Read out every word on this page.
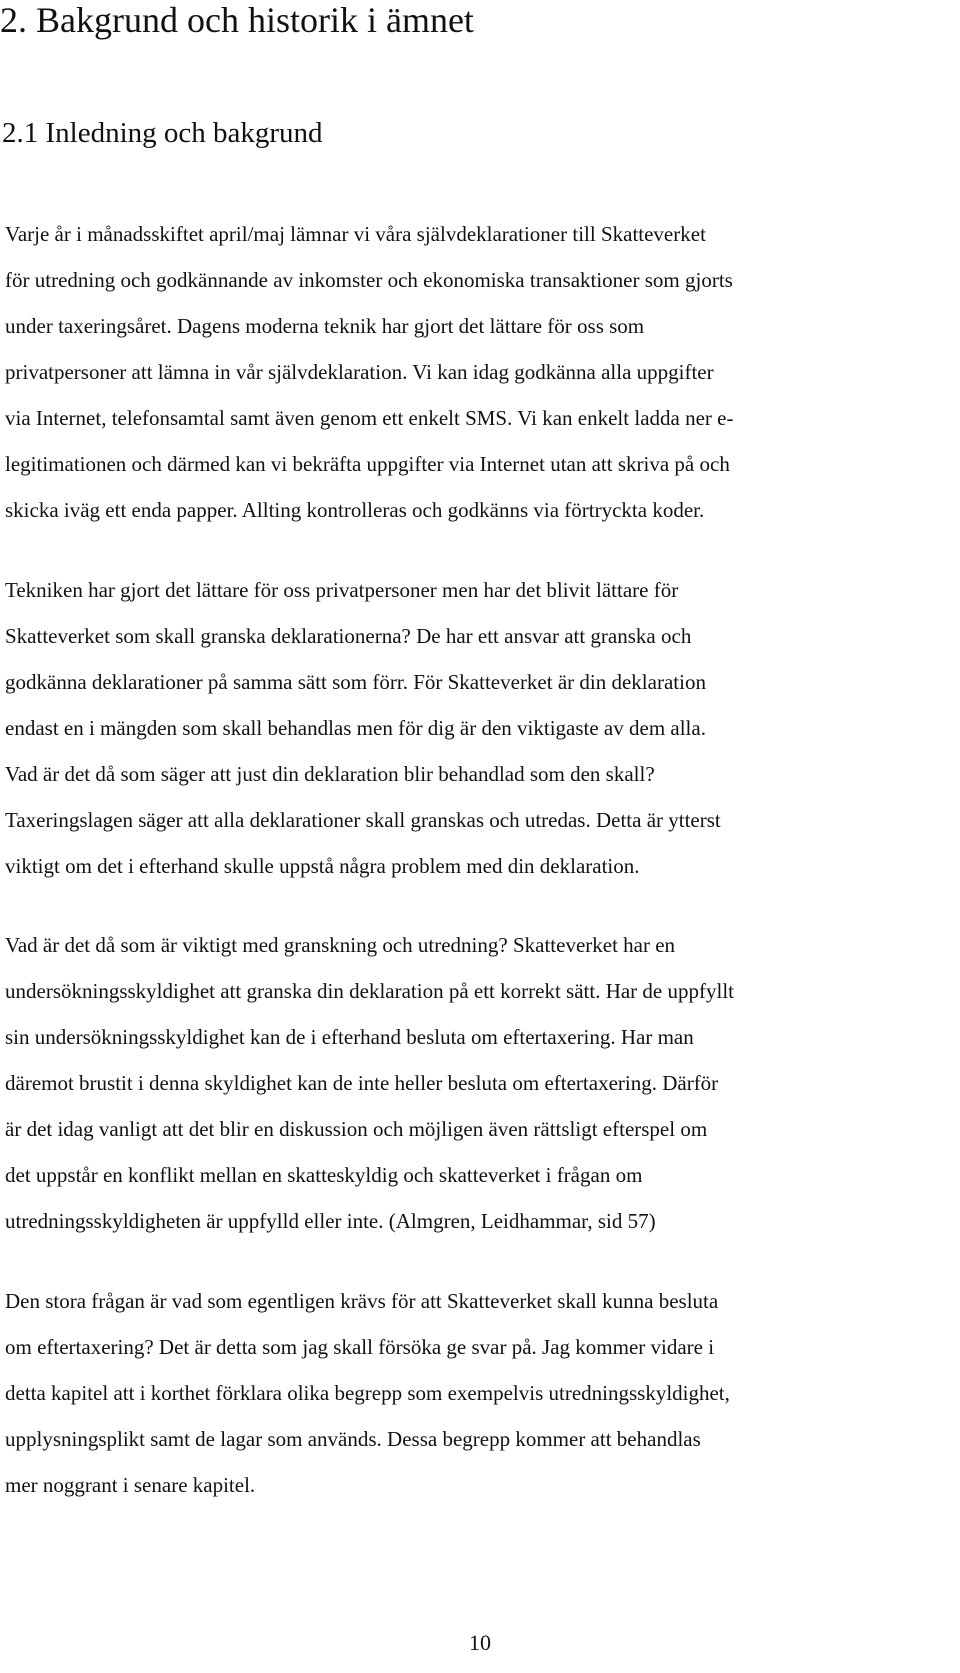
2. Bakgrund och historik i ämnet
2.1 Inledning och bakgrund

Varje år i månadsskiftet april/maj lämnar vi våra självdeklarationer till Skatteverket
för utredning och godkännande av inkomster och ekonomiska transaktioner som gjorts
under taxeringsåret. Dagens moderna teknik har gjort det lättare för oss som
privatpersoner att lämna in vår självdeklaration. Vi kan idag godkänna alla uppgifter
via Internet, telefonsamtal samt även genom ett enkelt SMS. Vi kan enkelt ladda ner e-
legitimationen och därmed kan vi bekräfta uppgifter via Internet utan att skriva på och
skicka iväg ett enda papper. Allting kontrolleras och godkänns via förtryckta koder.

Tekniken har gjort det lättare för oss privatpersoner men har det blivit lättare för
Skatteverket som skall granska deklarationerna? De har ett ansvar att granska och
godkänna deklarationer på samma sätt som förr. För Skatteverket är din deklaration
endast en i mängden som skall behandlas men för dig är den viktigaste av dem alla.
Vad är det då som säger att just din deklaration blir behandlad som den skall?
Taxeringslagen säger att alla deklarationer skall granskas och utredas. Detta är ytterst
viktigt om det i efterhand skulle uppstå några problem med din deklaration.

Vad är det då som är viktigt med granskning och utredning? Skatteverket har en
undersökningsskyldighet att granska din deklaration på ett korrekt sätt. Har de uppfyllt
sin undersökningsskyldighet kan de i efterhand besluta om eftertaxering. Har man
däremot brustit i denna skyldighet kan de inte heller besluta om eftertaxering. Därför
är det idag vanligt att det blir en diskussion och möjligen även rättsligt efterspel om
det uppstår en konflikt mellan en skatteskyldig och skatteverket i frågan om
utredningsskyldigheten är uppfylld eller inte. (Almgren, Leidhammar, sid 57)

Den stora frågan är vad som egentligen krävs för att Skatteverket skall kunna besluta
om eftertaxering? Det är detta som jag skall försöka ge svar på. Jag kommer vidare i
detta kapitel att i korthet förklara olika begrepp som exempelvis utredningsskyldighet,
upplysningsplikt samt de lagar som används. Dessa begrepp kommer att behandlas
mer noggrant i senare kapitel.

10
